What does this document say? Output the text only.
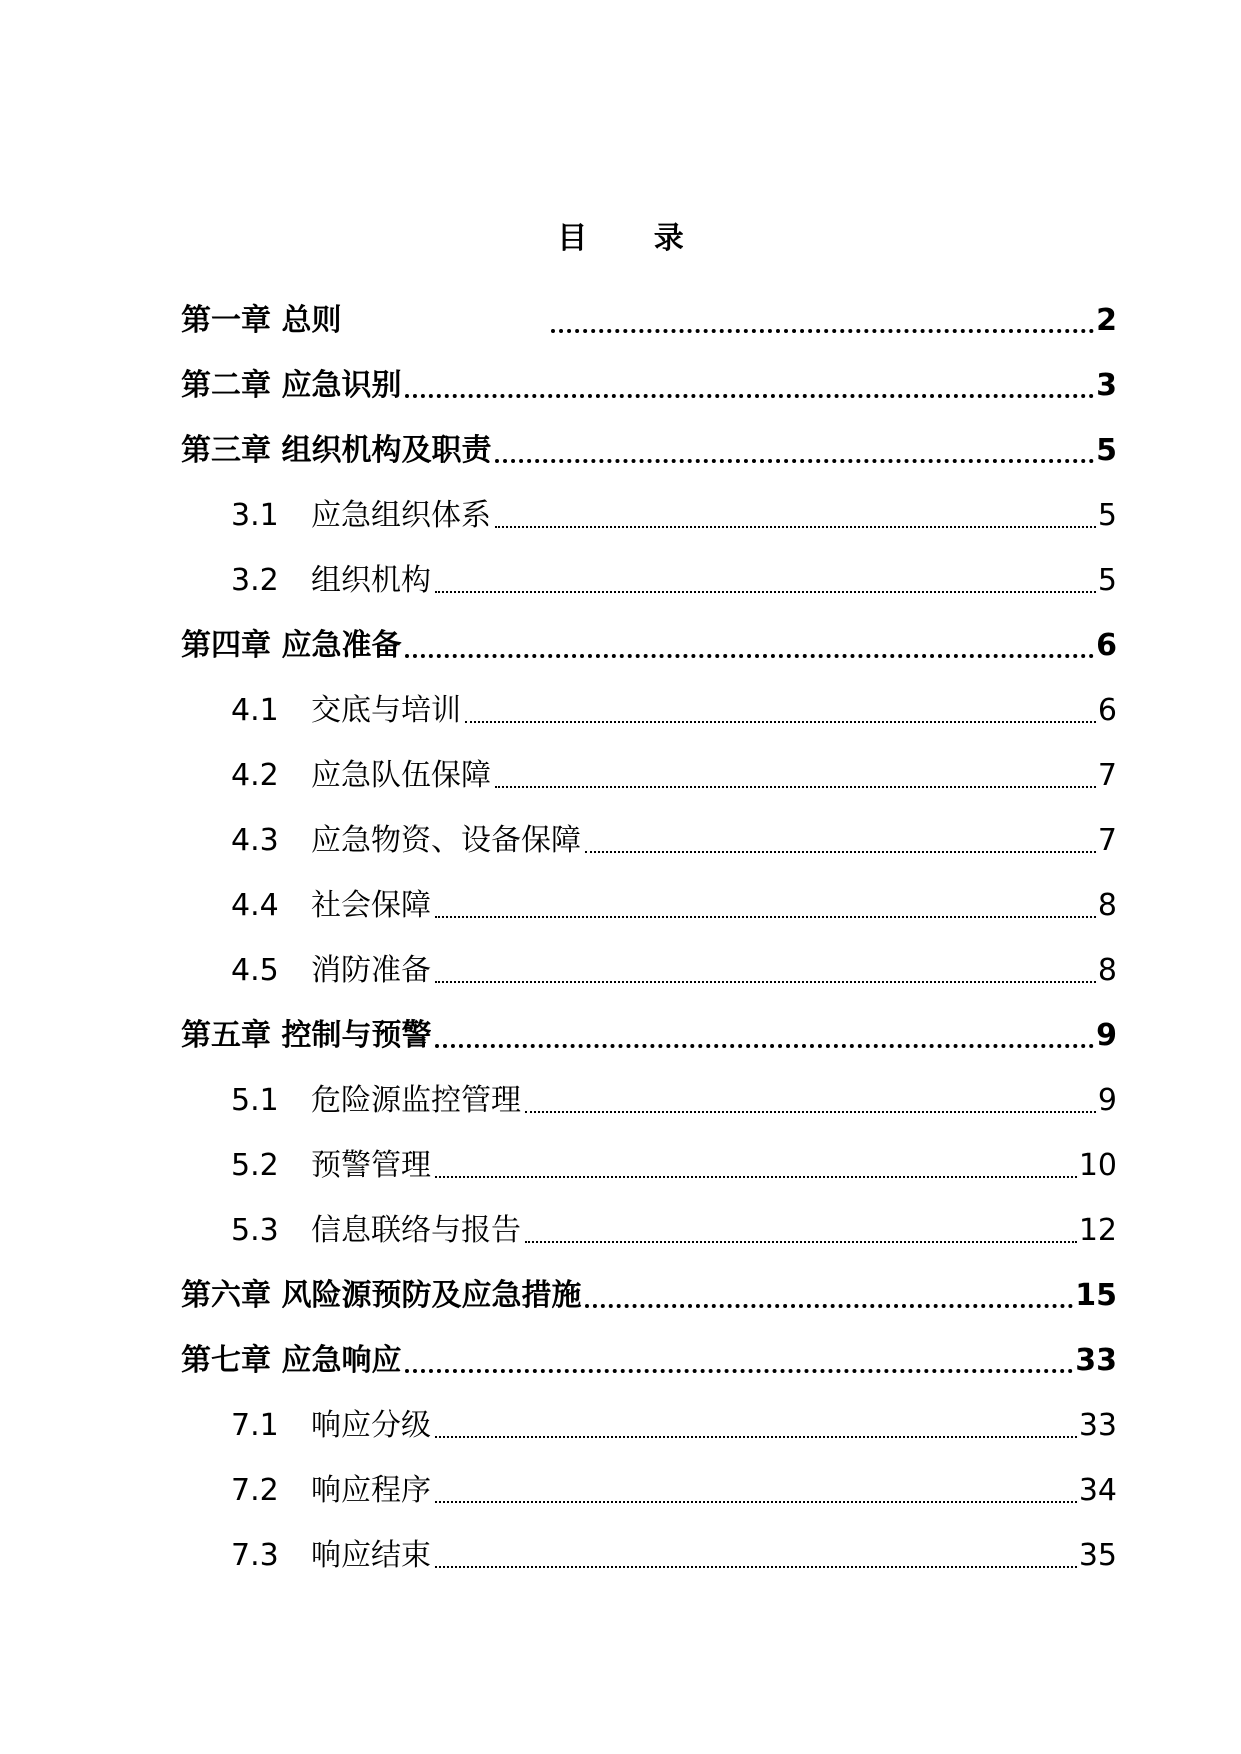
目 录
第一章 总则	2
第二章 应急识别	3
第三章 组织机构及职责	5
3.1	应急组织体系	5
3.2	组织机构	5
第四章 应急准备	6
4.1	交底与培训	6
4.2	应急队伍保障	7
4.3	应急物资、设备保障	7
4.4	社会保障	8
4.5	消防准备	8
第五章 控制与预警	9
5.1	危险源监控管理	9
5.2	预警管理	10
5.3	信息联络与报告	12
第六章 风险源预防及应急措施	15
第七章 应急响应	33
7.1	响应分级	33
7.2	响应程序	34
7.3	响应结束	35
